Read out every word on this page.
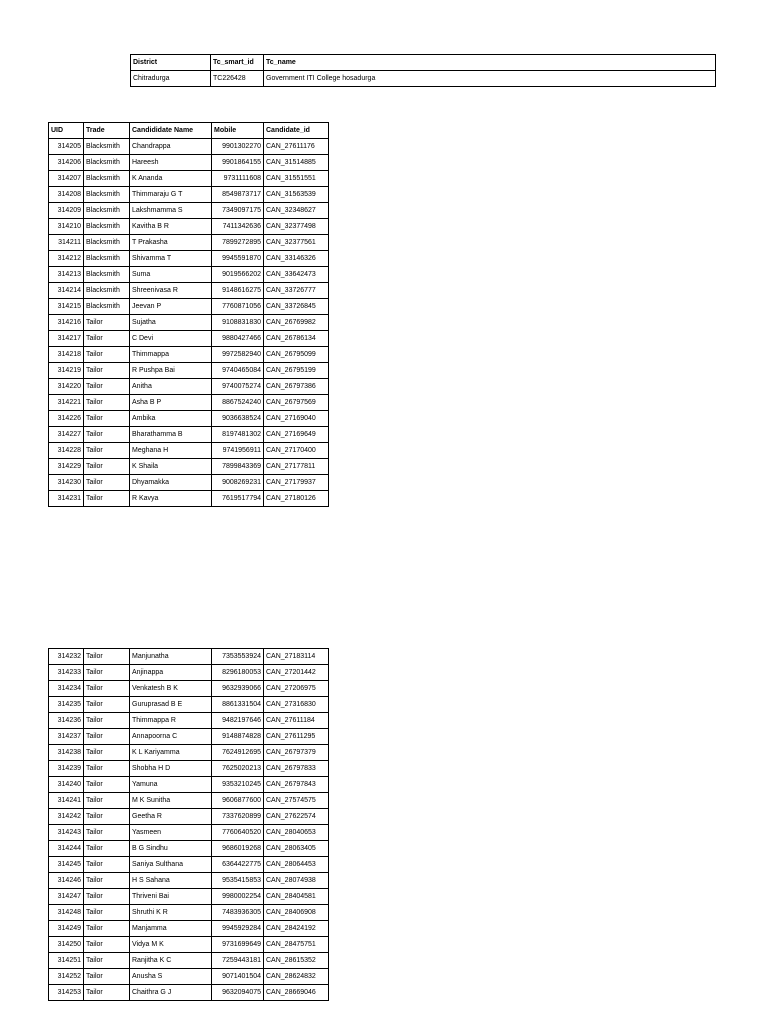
District	Tc_smart_id	Tc_name
Chitradurga	TC226428	Government ITI College hosadurga
UID	Trade	Candididate Name	Mobile	Candidate_id
314205	Blacksmith	Chandrappa	9901302270	CAN_27611176
314206	Blacksmith	Hareesh	9901864155	CAN_31514885
314207	Blacksmith	K Ananda	9731111608	CAN_31551551
314208	Blacksmith	Thimmaraju G T	8549873717	CAN_31563539
314209	Blacksmith	Lakshmamma S	7349097175	CAN_32348627
314210	Blacksmith	Kavitha B R	7411342636	CAN_32377498
314211	Blacksmith	T Prakasha	7899272895	CAN_32377561
314212	Blacksmith	Shivamma T	9945591870	CAN_33146326
314213	Blacksmith	Suma	9019566202	CAN_33642473
314214	Blacksmith	Shreenivasa R	9148616275	CAN_33726777
314215	Blacksmith	Jeevan P	7760871056	CAN_33726845
314216	Tailor	Sujatha	9108831830	CAN_26769982
314217	Tailor	C Devi	9880427466	CAN_26786134
314218	Tailor	Thimmappa	9972582940	CAN_26795099
314219	Tailor	R Pushpa Bai	9740465084	CAN_26795199
314220	Tailor	Anitha	9740075274	CAN_26797386
314221	Tailor	Asha B P	8867524240	CAN_26797569
314226	Tailor	Ambika	9036638524	CAN_27169040
314227	Tailor	Bharathamma B	8197481302	CAN_27169649
314228	Tailor	Meghana H	9741956911	CAN_27170400
314229	Tailor	K Shaila	7899843369	CAN_27177811
314230	Tailor	Dhyamakka	9008269231	CAN_27179937
314231	Tailor	R Kavya	7619517794	CAN_27180126
314232	Tailor	Manjunatha	7353553924	CAN_27183114
314233	Tailor	Anjinappa	8296180053	CAN_27201442
314234	Tailor	Venkatesh B K	9632939066	CAN_27206975
314235	Tailor	Guruprasad B E	8861331504	CAN_27316830
314236	Tailor	Thimmappa R	9482197646	CAN_27611184
314237	Tailor	Annapoorna C	9148874828	CAN_27611295
314238	Tailor	K L Kariyamma	7624912695	CAN_26797379
314239	Tailor	Shobha H D	7625020213	CAN_26797833
314240	Tailor	Yamuna	9353210245	CAN_26797843
314241	Tailor	M K Sunitha	9606877600	CAN_27574575
314242	Tailor	Geetha R	7337620899	CAN_27622574
314243	Tailor	Yasmeen	7760640520	CAN_28040653
314244	Tailor	B G Sindhu	9686019268	CAN_28063405
314245	Tailor	Saniya Sulthana	6364422775	CAN_28064453
314246	Tailor	H S Sahana	9535415853	CAN_28074938
314247	Tailor	Thriveni Bai	9980002254	CAN_28404581
314248	Tailor	Shruthi K R	7483936305	CAN_28406908
314249	Tailor	Manjamma	9945929284	CAN_28424192
314250	Tailor	Vidya M K	9731699649	CAN_28475751
314251	Tailor	Ranjitha K C	7259443181	CAN_28615352
314252	Tailor	Anusha S	9071401504	CAN_28624832
314253	Tailor	Chaithra G J	9632094075	CAN_28669046
